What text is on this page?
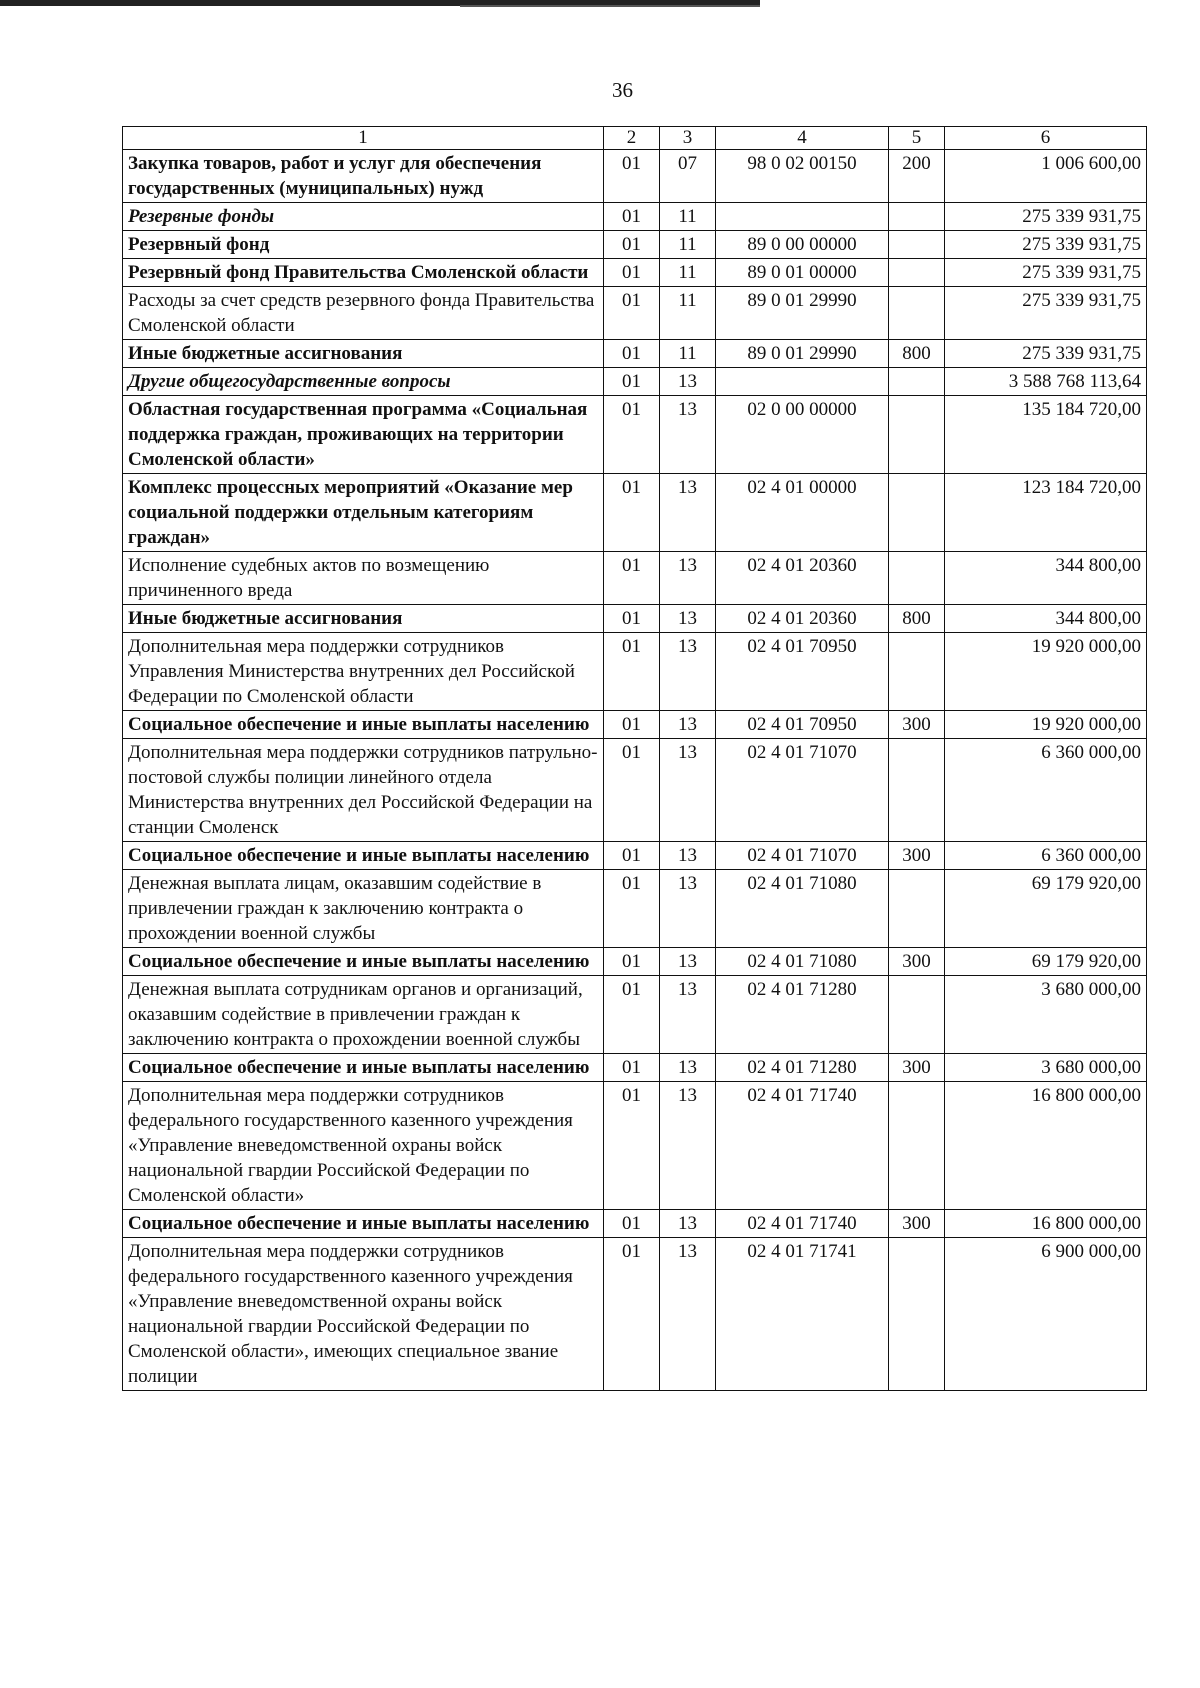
36
1	2	3	4	5	6
Закупка товаров, работ и услуг для обеспечения государственных (муниципальных) нужд	01	07	98 0 02 00150	200	1 006 600,00
Резервные фонды	01	11			275 339 931,75
Резервный фонд	01	11	89 0 00 00000		275 339 931,75
Резервный фонд Правительства Смоленской области	01	11	89 0 01 00000		275 339 931,75
Расходы за счет средств резервного фонда Правительства Смоленской области	01	11	89 0 01 29990		275 339 931,75
Иные бюджетные ассигнования	01	11	89 0 01 29990	800	275 339 931,75
Другие общегосударственные вопросы	01	13			3 588 768 113,64
Областная государственная программа «Социальная поддержка граждан, проживающих на территории Смоленской области»	01	13	02 0 00 00000		135 184 720,00
Комплекс процессных мероприятий «Оказание мер социальной поддержки отдельным категориям граждан»	01	13	02 4 01 00000		123 184 720,00
Исполнение судебных актов по возмещению причиненного вреда	01	13	02 4 01 20360		344 800,00
Иные бюджетные ассигнования	01	13	02 4 01 20360	800	344 800,00
Дополнительная мера поддержки сотрудников Управления Министерства внутренних дел Российской Федерации по Смоленской области	01	13	02 4 01 70950		19 920 000,00
Социальное обеспечение и иные выплаты населению	01	13	02 4 01 70950	300	19 920 000,00
Дополнительная мера поддержки сотрудников патрульно-постовой службы полиции линейного отдела Министерства внутренних дел Российской Федерации на станции Смоленск	01	13	02 4 01 71070		6 360 000,00
Социальное обеспечение и иные выплаты населению	01	13	02 4 01 71070	300	6 360 000,00
Денежная выплата лицам, оказавшим содействие в привлечении граждан к заключению контракта о прохождении военной службы	01	13	02 4 01 71080		69 179 920,00
Социальное обеспечение и иные выплаты населению	01	13	02 4 01 71080	300	69 179 920,00
Денежная выплата сотрудникам органов и организаций, оказавшим содействие в привлечении граждан к заключению контракта о прохождении военной службы	01	13	02 4 01 71280		3 680 000,00
Социальное обеспечение и иные выплаты населению	01	13	02 4 01 71280	300	3 680 000,00
Дополнительная мера поддержки сотрудников федерального государственного казенного учреждения «Управление вневедомственной охраны войск национальной гвардии Российской Федерации по Смоленской области»	01	13	02 4 01 71740		16 800 000,00
Социальное обеспечение и иные выплаты населению	01	13	02 4 01 71740	300	16 800 000,00
Дополнительная мера поддержки сотрудников федерального государственного казенного учреждения «Управление вневедомственной охраны войск национальной гвардии Российской Федерации по Смоленской области», имеющих специальное звание полиции	01	13	02 4 01 71741		6 900 000,00
